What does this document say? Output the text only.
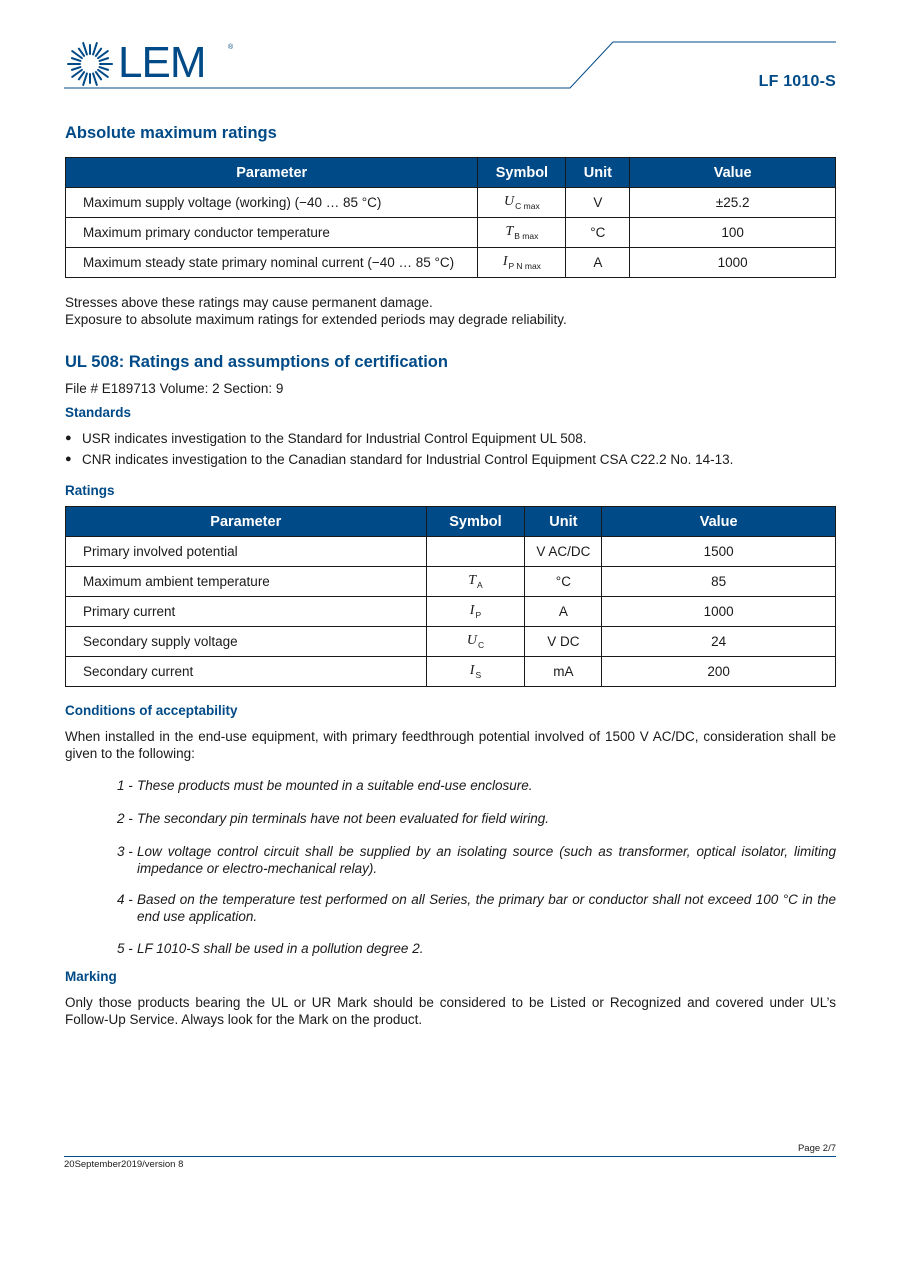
LEM	®
LF 1010-S
Absolute maximum ratings
Parameter	Symbol	Unit	Value
Maximum supply voltage (working) (−40 … 85 °C)	$U_{C max}$	V	±25.2
Maximum primary conductor temperature	$T_{B max}$	°C	100
Maximum steady state primary nominal current (−40 … 85 °C)	$I_{P N max}$	A	1000

Stresses above these ratings may cause permanent damage.

Exposure to absolute maximum ratings for extended periods may degrade reliability.

UL 508: Ratings and assumptions of certification

File # E189713 Volume: 2 Section: 9

Standards
● USR indicates investigation to the Standard for Industrial Control Equipment UL 508.
● CNR indicates investigation to the Canadian standard for Industrial Control Equipment CSA C22.2 No. 14-13.
Ratings
Parameter	Symbol	Unit	Value
Primary involved potential		V AC/DC	1500
Maximum ambient temperature	$T_A$	°C	85
Primary current	$I_P$	A	1000
Secondary supply voltage	$U_C$	V DC	24
Secondary current	$I_S$	mA	200
Conditions of acceptability

When installed in the end-use equipment, with primary feedthrough potential involved of 1500 V AC/DC, consideration shall be given to the following:

1 - These products must be mounted in a suitable end-use enclosure.
2 - The secondary pin terminals have not been evaluated for field wiring.
3 - Low voltage control circuit shall be supplied by an isolating source (such as transformer, optical isolator, limiting impedance or electro-mechanical relay).
4 - Based on the temperature test performed on all Series, the primary bar or conductor shall not exceed 100 °C in the end use application.
5 - LF 1010-S shall be used in a pollution degree 2.
Marking

Only those products bearing the UL or UR Mark should be considered to be Listed or Recognized and covered under UL’s Follow-Up Service. Always look for the Mark on the product.

Page 2/7
20September2019/version 8
